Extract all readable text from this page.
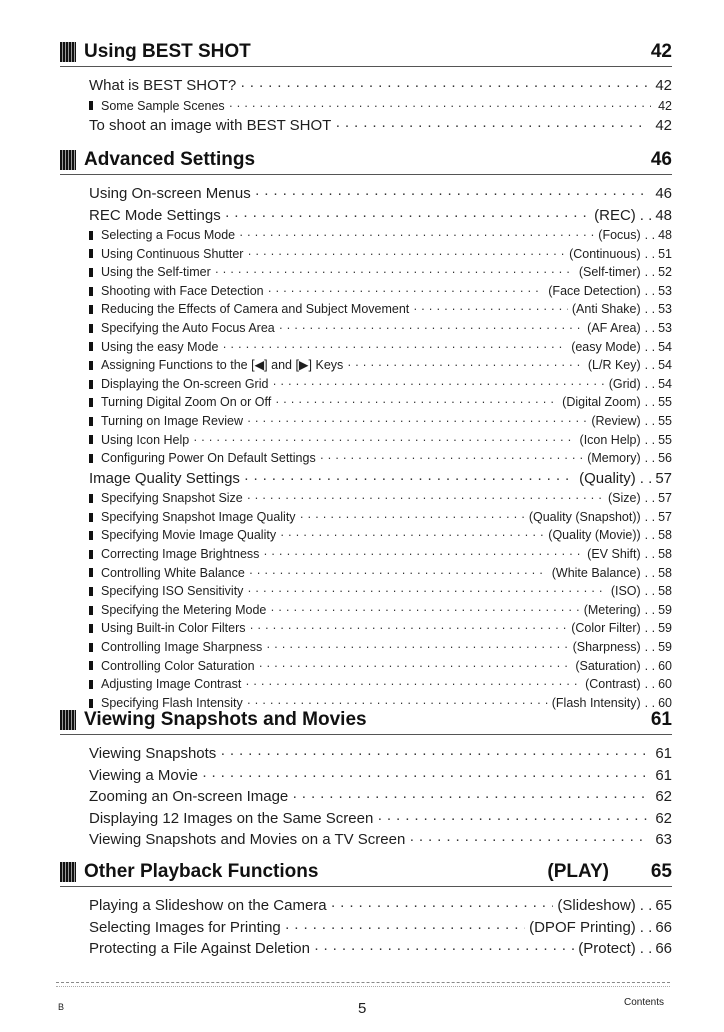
Using BEST SHOT	42
What is BEST SHOT? · · ·	42
Some Sample Scenes · · ·	42
To shoot an image with BEST SHOT · · ·	42
Advanced Settings	46
Using On-screen Menus · · ·	46
REC Mode Settings · · ·	(REC) . . 48
Selecting a Focus Mode · · ·	(Focus) . . 48
Using Continuous Shutter · · ·	(Continuous) . . 51
Using the Self-timer · · ·	(Self-timer) . . 52
Shooting with Face Detection · · ·	(Face Detection) . . 53
Reducing the Effects of Camera and Subject Movement · · ·	(Anti Shake) . . 53
Specifying the Auto Focus Area · · ·	(AF Area) . . 53
Using the easy Mode · · ·	(easy Mode) . . 54
Assigning Functions to the [◀] and [▶] Keys · · ·	(L/R Key) . . 54
Displaying the On-screen Grid · · ·	(Grid) . . 54
Turning Digital Zoom On or Off · · ·	(Digital Zoom) . . 55
Turning on Image Review · · ·	(Review) . . 55
Using Icon Help · · ·	(Icon Help) . . 55
Configuring Power On Default Settings · · ·	(Memory) . . 56
Image Quality Settings · · ·	(Quality) . . 57
Specifying Snapshot Size · · ·	(Size) . . 57
Specifying Snapshot Image Quality · · ·	(Quality (Snapshot)) . . 57
Specifying Movie Image Quality · · ·	(Quality (Movie)) . . 58
Correcting Image Brightness · · ·	(EV Shift) . . 58
Controlling White Balance · · ·	(White Balance) . . 58
Specifying ISO Sensitivity · · ·	(ISO) . . 58
Specifying the Metering Mode · · ·	(Metering) . . 59
Using Built-in Color Filters · · ·	(Color Filter) . . 59
Controlling Image Sharpness · · ·	(Sharpness) . . 59
Controlling Color Saturation · · ·	(Saturation) . . 60
Adjusting Image Contrast · · ·	(Contrast) . . 60
Specifying Flash Intensity · · ·	(Flash Intensity) . . 60
Viewing Snapshots and Movies	61
Viewing Snapshots · · ·	61
Viewing a Movie · · ·	61
Zooming an On-screen Image · · ·	62
Displaying 12 Images on the Same Screen · · ·	62
Viewing Snapshots and Movies on a TV Screen · · ·	63
Other Playback Functions	(PLAY) 65
Playing a Slideshow on the Camera · · ·	(Slideshow) . . 65
Selecting Images for Printing · · ·	(DPOF Printing) . . 66
Protecting a File Against Deletion · · ·	(Protect) . . 66
B	5	Contents
